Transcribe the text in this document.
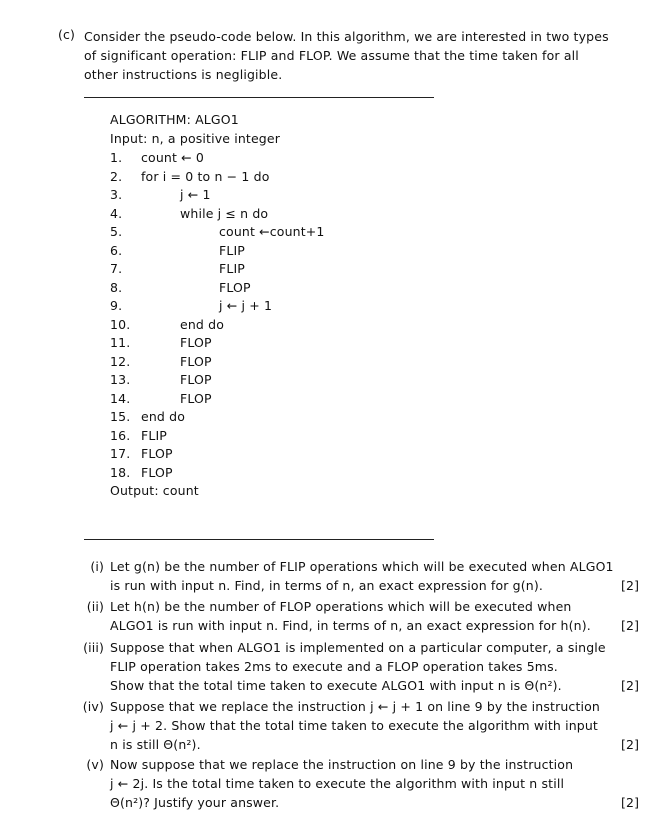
(c) Consider the pseudo-code below. In this algorithm, we are interested in two types
of significant operation: FLIP and FLOP. We assume that the time taken for all
other instructions is negligible.
ALGORITHM: ALGO1
Input: n, a positive integer
1. count ← 0
2. for i = 0 to n − 1 do
3.	j ← 1
4.	while j ≤ n do
5.	count ←count+1
6.	FLIP
7.	FLIP
8.	FLOP
9.	j ← j + 1
10.	end do
11.	FLOP
12.	FLOP
13.	FLOP
14.	FLOP
15. end do
16. FLIP
17. FLOP
18. FLOP
Output: count
(i) Let g(n) be the number of FLIP operations which will be executed when ALGO1
is run with input n. Find, in terms of n, an exact expression for g(n).	[2]
(ii) Let h(n) be the number of FLOP operations which will be executed when
ALGO1 is run with input n. Find, in terms of n, an exact expression for h(n). [2]
(iii) Suppose that when ALGO1 is implemented on a particular computer, a single
FLIP operation takes 2ms to execute and a FLOP operation takes 5ms.
Show that the total time taken to execute ALGO1 with input n is Θ(n²).	[2]
(iv) Suppose that we replace the instruction j ← j + 1 on line 9 by the instruction
j ← j + 2. Show that the total time taken to execute the algorithm with input
n is still Θ(n²).	[2]
(v) Now suppose that we replace the instruction on line 9 by the instruction
j ← 2j. Is the total time taken to execute the algorithm with input n still
Θ(n²)? Justify your answer.	[2]
